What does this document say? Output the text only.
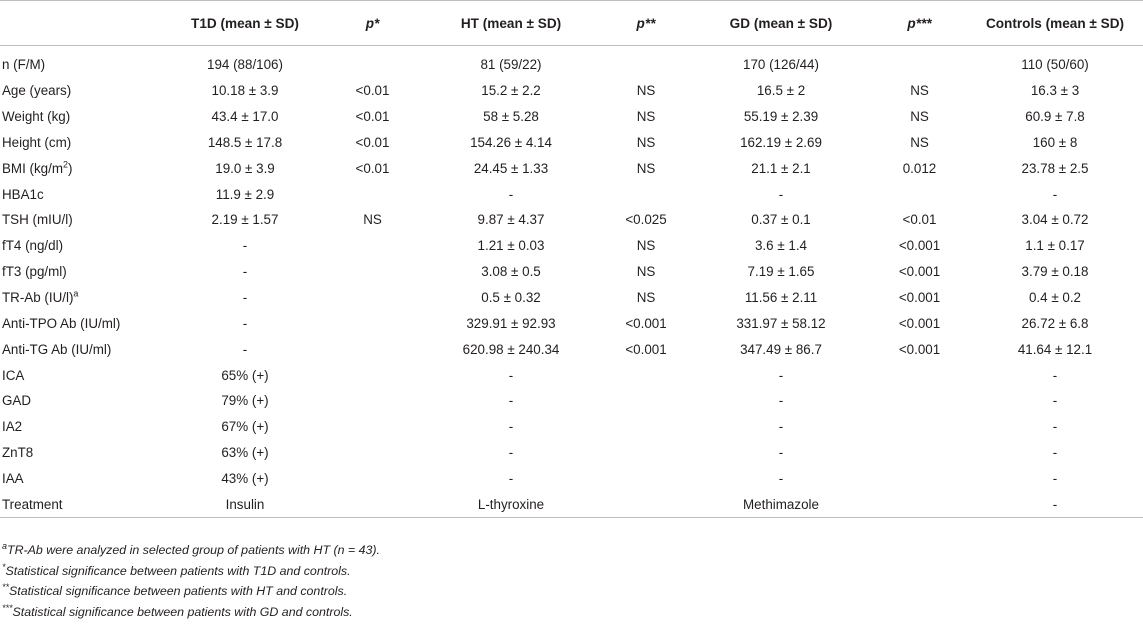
	T1D (mean ± SD)	p*	HT (mean ± SD)	p**	GD (mean ± SD)	p***	Controls (mean ± SD)

n (F/M)	194 (88/106)		81 (59/22)		170 (126/44)		110 (50/60)
Age (years)	10.18 ± 3.9	<0.01	15.2 ± 2.2	NS	16.5 ± 2	NS	16.3 ± 3
Weight (kg)	43.4 ± 17.0	<0.01	58 ± 5.28	NS	55.19 ± 2.39	NS	60.9 ± 7.8
Height (cm)	148.5 ± 17.8	<0.01	154.26 ± 4.14	NS	162.19 ± 2.69	NS	160 ± 8
BMI $(kg/m^2)$	19.0 ± 3.9	<0.01	24.45 ± 1.33	NS	21.1 ± 2.1	0.012	23.78 ± 2.5
HBA1c	11.9 ± 2.9		-		-		-
TSH (mIU/l)	2.19 ± 1.57	NS	9.87 ± 4.37	<0.025	0.37 ± 0.1	<0.01	3.04 ± 0.72
fT4 (ng/dl)	-		1.21 ± 0.03	NS	3.6 ± 1.4	<0.001	1.1 ± 0.17
fT3 (pg/ml)	-		3.08 ± 0.5	NS	7.19 ± 1.65	<0.001	3.79 ± 0.18
TR-Ab $(IU/l)^a$	-		0.5 ± 0.32	NS	11.56 ± 2.11	<0.001	0.4 ± 0.2
Anti-TPO Ab (IU/ml)	-		329.91 ± 92.93	<0.001	331.97 ± 58.12	<0.001	26.72 ± 6.8
Anti-TG Ab (IU/ml)	-		620.98 ± 240.34	<0.001	347.49 ± 86.7	<0.001	41.64 ± 12.1
ICA	65% (+)		-		-		-
GAD	79% (+)		-		-		-
IA2	67% (+)		-		-		-
ZnT8	63% (+)		-		-		-
IAA	43% (+)		-		-		-
Treatment	Insulin		L-thyroxine		Methimazole		-
$^a$TR-Ab were analyzed in selected group of patients with HT (n = 43).
*Statistical significance between patients with T1D and controls.
**Statistical significance between patients with HT and controls.
***Statistical significance between patients with GD and controls.
